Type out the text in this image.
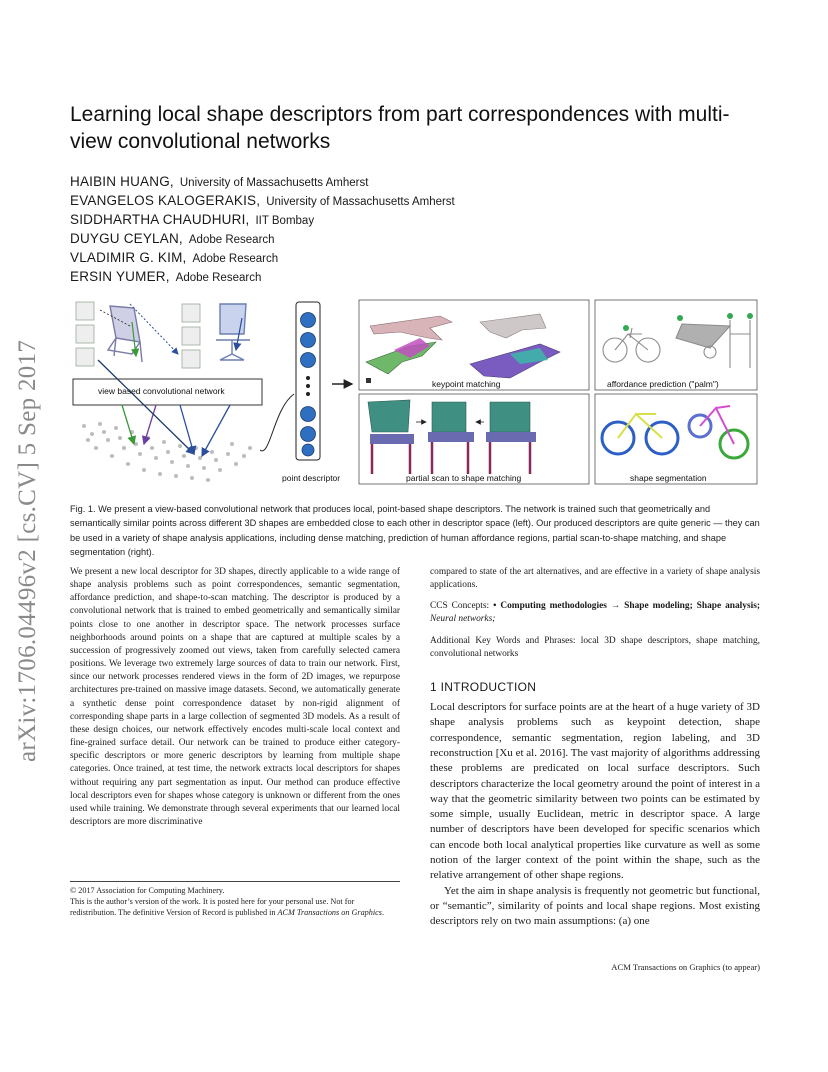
arXiv:1706.04496v2 [cs.CV] 5 Sep 2017
Learning local shape descriptors from part correspondences with multi-view convolutional networks
HAIBIN HUANG, University of Massachusetts Amherst
EVANGELOS KALOGERAKIS, University of Massachusetts Amherst
SIDDHARTHA CHAUDHURI, IIT Bombay
DUYGU CEYLAN, Adobe Research
VLADIMIR G. KIM, Adobe Research
ERSIN YUMER, Adobe Research
view based convolutional network
point descriptor
keypoint matching	affordance prediction ("palm")
partial scan to shape matching	shape segmentation
Fig. 1. We present a view-based convolutional network that produces local, point-based shape descriptors. The network is trained such that geometrically and semantically similar points across different 3D shapes are embedded close to each other in descriptor space (left). Our produced descriptors are quite generic — they can be used in a variety of shape analysis applications, including dense matching, prediction of human affordance regions, partial scan-to-shape matching, and shape segmentation (right).
We present a new local descriptor for 3D shapes, directly applicable to a wide range of shape analysis problems such as point correspondences, semantic segmentation, affordance prediction, and shape-to-scan matching. The descriptor is produced by a convolutional network that is trained to embed geometrically and semantically similar points close to one another in descriptor space. The network processes surface neighborhoods around points on a shape that are captured at multiple scales by a succession of progressively zoomed out views, taken from carefully selected camera positions. We leverage two extremely large sources of data to train our network. First, since our network processes rendered views in the form of 2D images, we repurpose architectures pre-trained on massive image datasets. Second, we automatically generate a synthetic dense point correspondence dataset by non-rigid alignment of corresponding shape parts in a large collection of segmented 3D models. As a result of these design choices, our network effectively encodes multi-scale local context and fine-grained surface detail. Our network can be trained to produce either category-specific descriptors or more generic descriptors by learning from multiple shape categories. Once trained, at test time, the network extracts local descriptors for shapes without requiring any part segmentation as input. Our method can produce effective local descriptors even for shapes whose category is unknown or different from the ones used while training. We demonstrate through several experiments that our learned local descriptors are more discriminative
compared to state of the art alternatives, and are effective in a variety of shape analysis applications.
CCS Concepts: • Computing methodologies → Shape modeling; Shape analysis; Neural networks;
Additional Key Words and Phrases: local 3D shape descriptors, shape matching, convolutional networks
1 INTRODUCTION
Local descriptors for surface points are at the heart of a huge variety of 3D shape analysis problems such as keypoint detection, shape correspondence, semantic segmentation, region labeling, and 3D reconstruction [Xu et al. 2016]. The vast majority of algorithms addressing these problems are predicated on local surface descriptors. Such descriptors characterize the local geometry around the point of interest in a way that the geometric similarity between two points can be estimated by some simple, usually Euclidean, metric in descriptor space. A large number of descriptors have been developed for specific scenarios which can encode both local analytical properties like curvature as well as some notion of the larger context of the point within the shape, such as the relative arrangement of other shape regions.
Yet the aim in shape analysis is frequently not geometric but functional, or “semantic”, similarity of points and local shape regions. Most existing descriptors rely on two main assumptions: (a) one
© 2017 Association for Computing Machinery.
This is the author’s version of the work. It is posted here for your personal use. Not for redistribution. The definitive Version of Record is published in ACM Transactions on Graphics.
ACM Transactions on Graphics (to appear)
